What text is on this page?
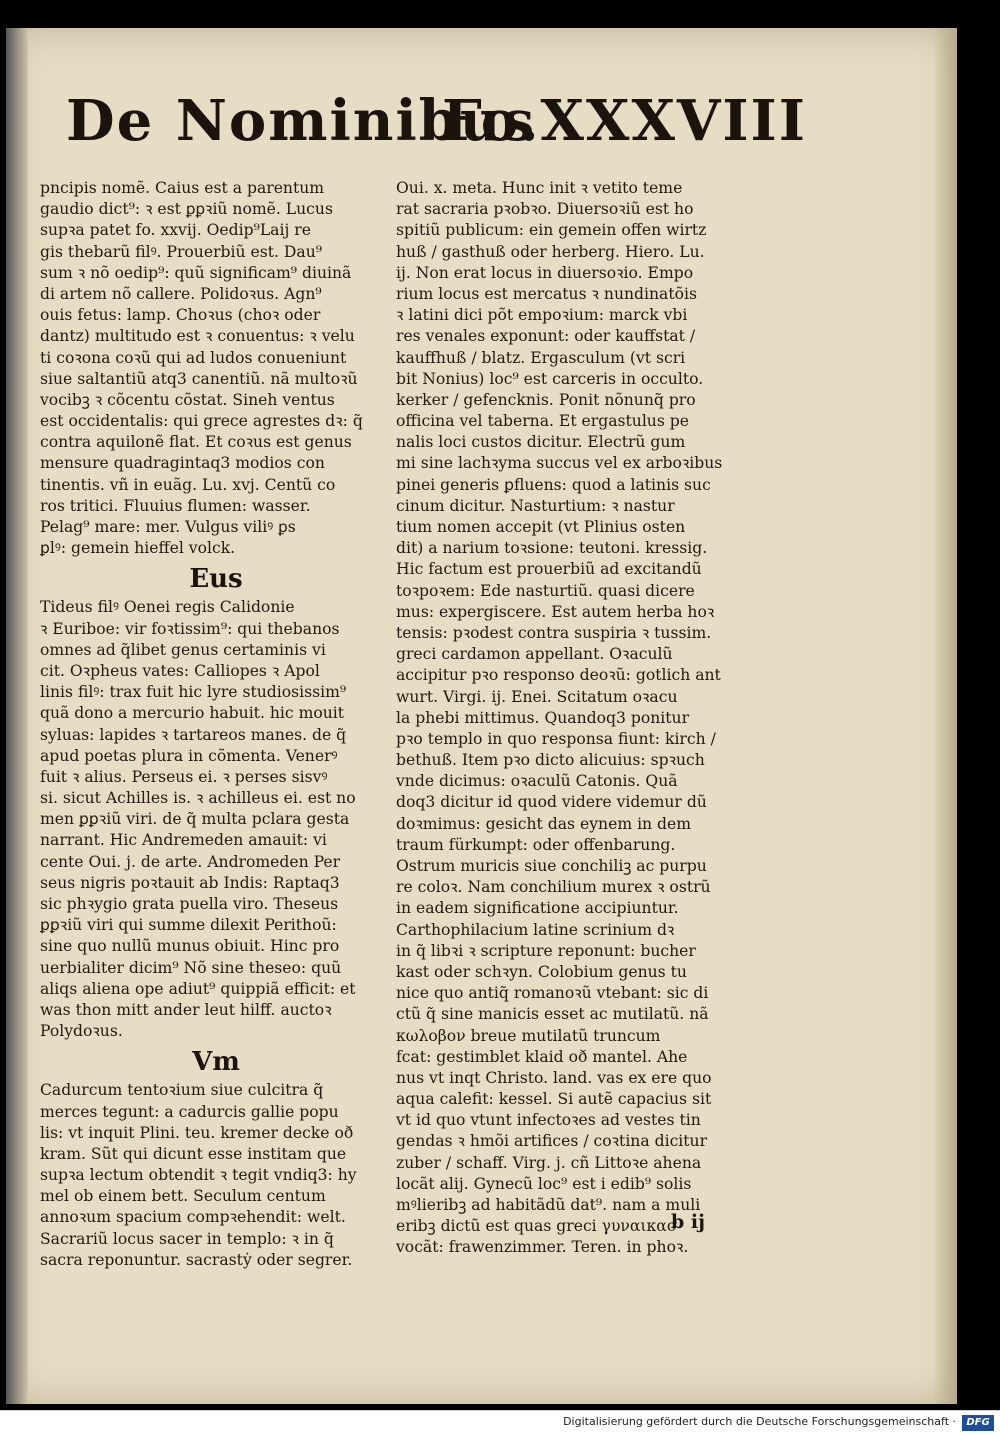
De Nominibus
Fo.XXXVIII
pncipis nomẽ. Caius est a parentum
gaudio dict⁹: ꝛ est ꝑꝑꝛiũ nomẽ. Lucus
supꝛa patet fo. xxvij. Oedip⁹Laij re
gis thebarũ filꝰ. Prouerbiũ est. Dau⁹
sum ꝛ nõ oedip⁹: quũ significam⁹ diuinã
di artem nõ callere. Polidoꝛus. Agn⁹
ouis fetus: lamp. Choꝛus (choꝛ oder
dantz) multitudo est ꝛ conuentus: ꝛ velu
ti coꝛona coꝛũ qui ad ludos conueniunt
siue saltantiũ atq3 canentiũ. nã multoꝛũ
vocibꝫ ꝛ cõcentu cõstat. Sineh ventus
est occidentalis: qui grece agrestes dꝛ: q̃
contra aquilonẽ flat. Et coꝛus est genus
mensure quadragintaq3 modios con
tinentis. vñ in euãg. Lu. xvj. Centũ co
ros tritici. Fluuius flumen: wasser.
Pelag⁹ mare: mer. Vulgus viliꝰ ꝑs
ꝑlꝰ: gemein hieffel volck.
Eus
Tideus filꝰ Oenei regis Calidonie
ꝛ Euriboe: vir foꝛtissim⁹: qui thebanos
omnes ad q̃libet genus certaminis vi
cit. Oꝛpheus vates: Calliopes ꝛ Apol
linis filꝰ: trax fuit hic lyre studiosissim⁹
quã dono a mercurio habuit. hic mouit
syluas: lapides ꝛ tartareos manes. de q̃
apud poetas plura in cõmenta. Venerꝰ
fuit ꝛ alius. Perseus ei. ꝛ perses sisvꝰ
si. sicut Achilles is. ꝛ achilleus ei. est no
men ꝑꝑꝛiũ viri. de q̃ multa pclara gesta
narrant. Hic Andremeden amauit: vi
cente Oui. j. de arte. Andromeden Per
seus nigris poꝛtauit ab Indis: Raptaq3
sic phꝛygio grata puella viro. Theseus
ꝑꝑꝛiũ viri qui summe dilexit Perithoũ:
sine quo nullũ munus obiuit. Hinc pro
uerbialiter dicim⁹ Nõ sine theseo: quũ
aliqs aliena ope adiut⁹ quippiã efficit: et
was thon mitt ander leut hilff. auctoꝛ
Polydoꝛus.
Vm
Cadurcum tentoꝛium siue culcitra q̃
merces tegunt: a cadurcis gallie popu
lis: vt inquit Plini. teu. kremer decke oð
kram. Sũt qui dicunt esse institam que
supꝛa lectum obtendit ꝛ tegit vndiq3: hy
mel ob einem bett. Seculum centum
annoꝛum spacium compꝛehendit: welt.
Sacrariũ locus sacer in templo: ꝛ in q̃
sacra reponuntur. sacrastẏ oder segrer.
Oui. x. meta. Hunc init ꝛ vetito teme
rat sacraria pꝛobꝛo. Diuersoꝛiũ est ho
spitiũ publicum: ein gemein offen wirtz
huß / gasthuß oder herberg. Hiero. Lu.
ij. Non erat locus in diuersoꝛio. Empo
rium locus est mercatus ꝛ nundinatõis
ꝛ latini dici põt empoꝛium: marck vbi
res venales exponunt: oder kauffstat /
kauffhuß / blatz. Ergasculum (vt scri
bit Nonius) loc⁹ est carceris in occulto.
kerker / gefencknis. Ponit nõnunq̃ pro
officina vel taberna. Et ergastulus pe
nalis loci custos dicitur. Electrũ gum
mi sine lachꝛyma succus vel ex arboꝛibus
pinei generis ꝑfluens: quod a latinis suc
cinum dicitur. Nasturtium: ꝛ nastur
tium nomen accepit (vt Plinius osten
dit) a narium toꝛsione: teutoni. kressig.
Hic factum est prouerbiũ ad excitandũ
toꝛpoꝛem: Ede nasturtiũ. quasi dicere
mus: expergiscere. Est autem herba hoꝛ
tensis: pꝛodest contra suspiria ꝛ tussim.
greci cardamon appellant. Oꝛaculũ
accipitur pꝛo responso deoꝛũ: gotlich ant
wurt. Virgi. ij. Enei. Scitatum oꝛacu
la phebi mittimus. Quandoq3 ponitur
pꝛo templo in quo responsa fiunt: kirch /
bethuß. Item pꝛo dicto alicuius: spꝛuch
vnde dicimus: oꝛaculũ Catonis. Quã
doq3 dicitur id quod videre videmur dũ
doꝛmimus: gesicht das eynem in dem
traum fürkumpt: oder offenbarung.
Ostrum muricis siue conchiliꝫ ac purpu
re coloꝛ. Nam conchilium murex ꝛ ostrũ
in eadem significatione accipiuntur.
Carthophilacium latine scrinium dꝛ
in q̃ libꝛi ꝛ scripture reponunt: bucher
kast oder schꝛyn. Colobium genus tu
nice quo antiq̃ romanoꝛũ vtebant: sic di
ctũ q̃ sine manicis esset ac mutilatũ. nã
κωλοβον breue mutilatũ truncum
fcat: gestimblet klaid oð mantel. Ahe
nus vt inqt Christo. land. vas ex ere quo
aqua calefit: kessel. Si autẽ capacius sit
vt id quo vtunt infectoꝛes ad vestes tin
gendas ꝛ hmõi artifices / coꝛtina dicitur
zuber / schaff. Virg. j. cñ Littoꝛe ahena
locãt alij. Gynecũ loc⁹ est i edib⁹ solis
mꝰlieribꝫ ad habitãdũ dat⁹. nam a muli
eribꝫ dictũ est quas greci γυναικασ
vocãt: frawenzimmer. Teren. in phoꝛ.
b ij
Digitalisierung gefördert durch die Deutsche Forschungsgemeinschaft ·	DFG
